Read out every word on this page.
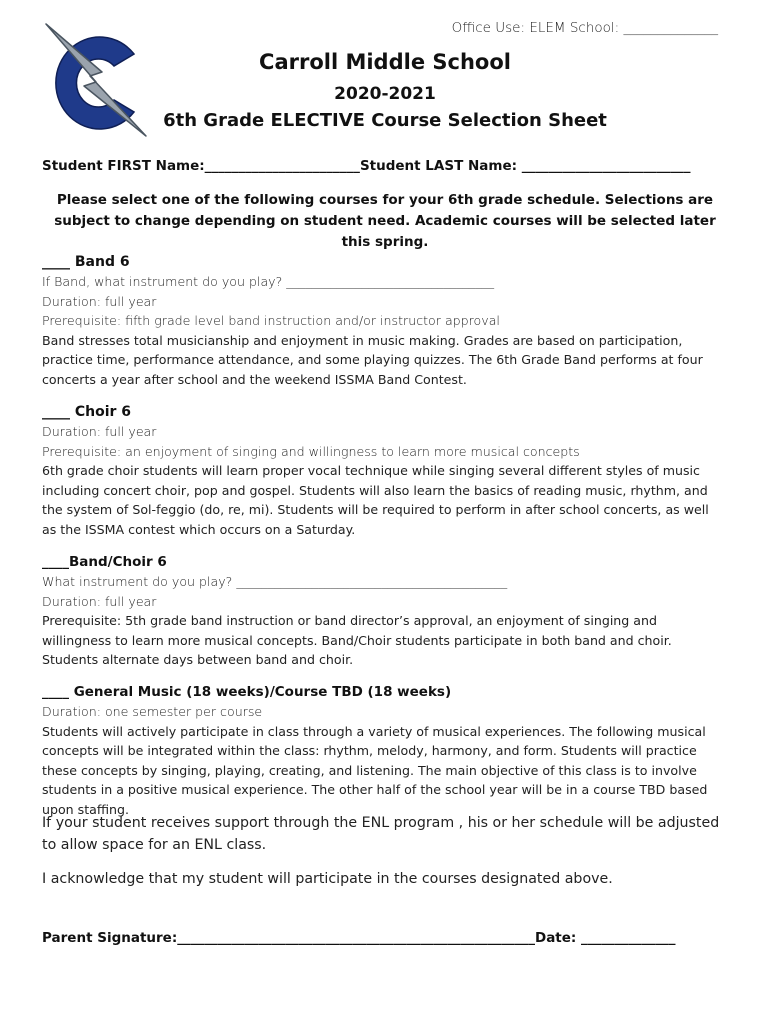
Office Use: ELEM School: ______________
Carroll Middle School
2020-2021
6th Grade ELECTIVE Course Selection Sheet
Student FIRST Name:_______________________Student LAST Name: _________________________
Please select one of the following courses for your 6th grade schedule. Selections are subject to change depending on student need. Academic courses will be selected later this spring.
____ Band 6
If Band, what instrument do you play? _________________________________
Duration: full year
Prerequisite: fifth grade level band instruction and/or instructor approval
Band stresses total musicianship and enjoyment in music making. Grades are based on participation, practice time, performance attendance, and some playing quizzes. The 6th Grade Band performs at four concerts a year after school and the weekend ISSMA Band Contest.
____ Choir 6
Duration: full year
Prerequisite: an enjoyment of singing and willingness to learn more musical concepts
6th grade choir students will learn proper vocal technique while singing several different styles of music including concert choir, pop and gospel. Students will also learn the basics of reading music, rhythm, and the system of Sol-feggio (do, re, mi). Students will be required to perform in after school concerts, as well as the ISSMA contest which occurs on a Saturday.
____Band/Choir 6
What instrument do you play? ___________________________________________
Duration: full year
Prerequisite: 5th grade band instruction or band director’s approval, an enjoyment of singing and willingness to learn more musical concepts. Band/Choir students participate in both band and choir. Students alternate days between band and choir.
____ General Music (18 weeks)/Course TBD (18 weeks)
Duration: one semester per course
Students will actively participate in class through a variety of musical experiences. The following musical concepts will be integrated within the class: rhythm, melody, harmony, and form. Students will practice these concepts by singing, playing, creating, and listening. The main objective of this class is to involve students in a positive musical experience. The other half of the school year will be in a course TBD based upon staffing.
If your student receives support through the ENL program , his or her schedule will be adjusted to allow space for an ENL class.
I acknowledge that my student will participate in the courses designated above.
Parent Signature:_____________________________________________________Date: ______________
